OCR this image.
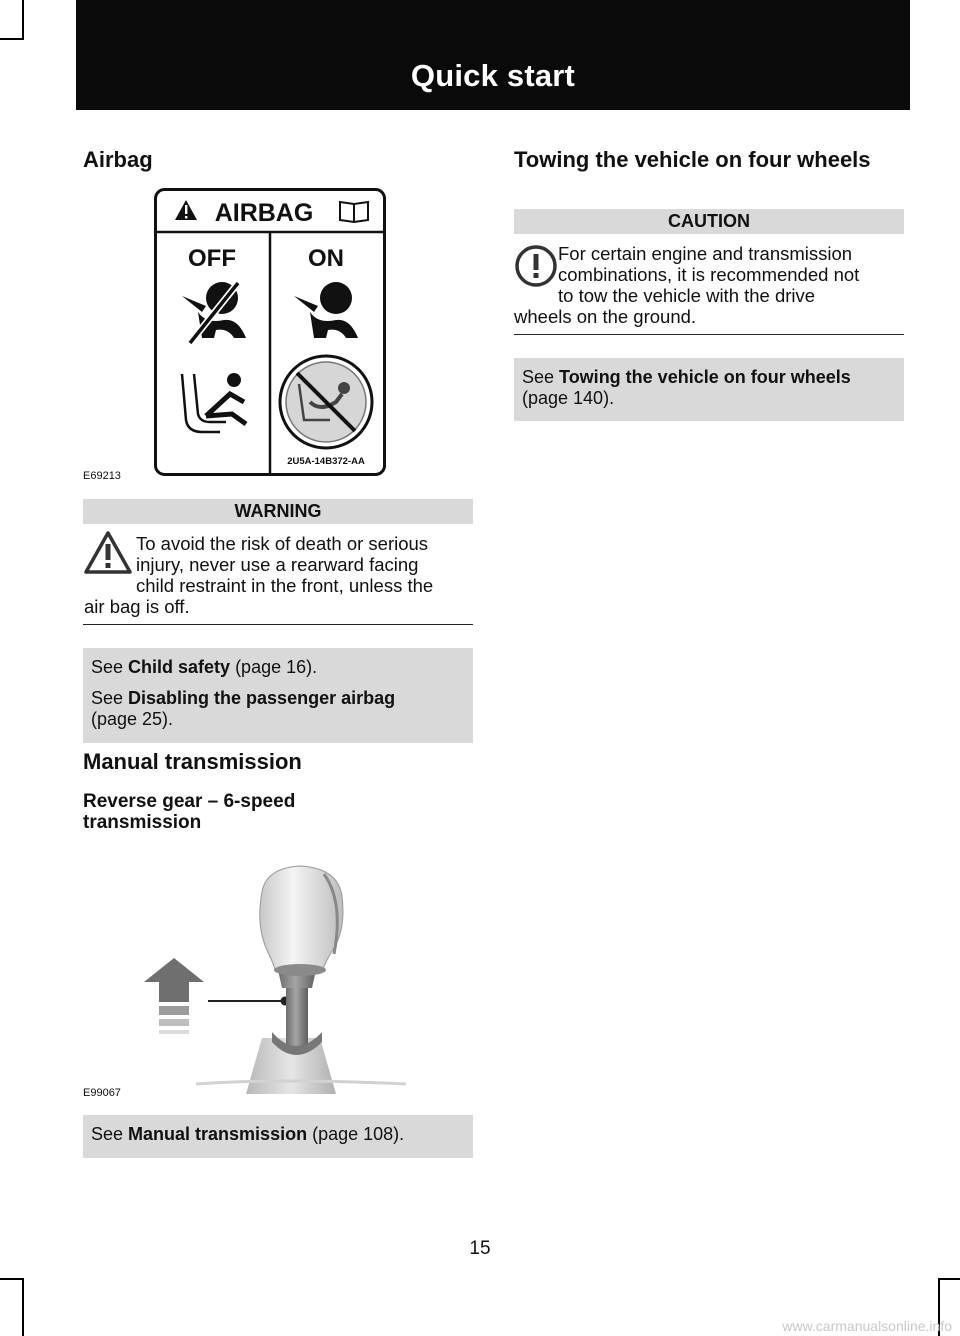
Quick start
Airbag
AIRBAG
OFF	ON
2U5A-14B372-AA
E69213
WARNING
To avoid the risk of death or serious
injury, never use a rearward facing
child restraint in the front, unless the
air bag is off.

See Child safety (page 16).

See Disabling the passenger airbag (page 25).

Manual transmission
Reverse gear – 6-speed transmission
E99067

See Manual transmission (page 108).

Towing the vehicle on four wheels
CAUTION
For certain engine and transmission
combinations, it is recommended not
to tow the vehicle with the drive
wheels on the ground.

See Towing the vehicle on four wheels (page 140).

15
www.carmanualsonline.info
